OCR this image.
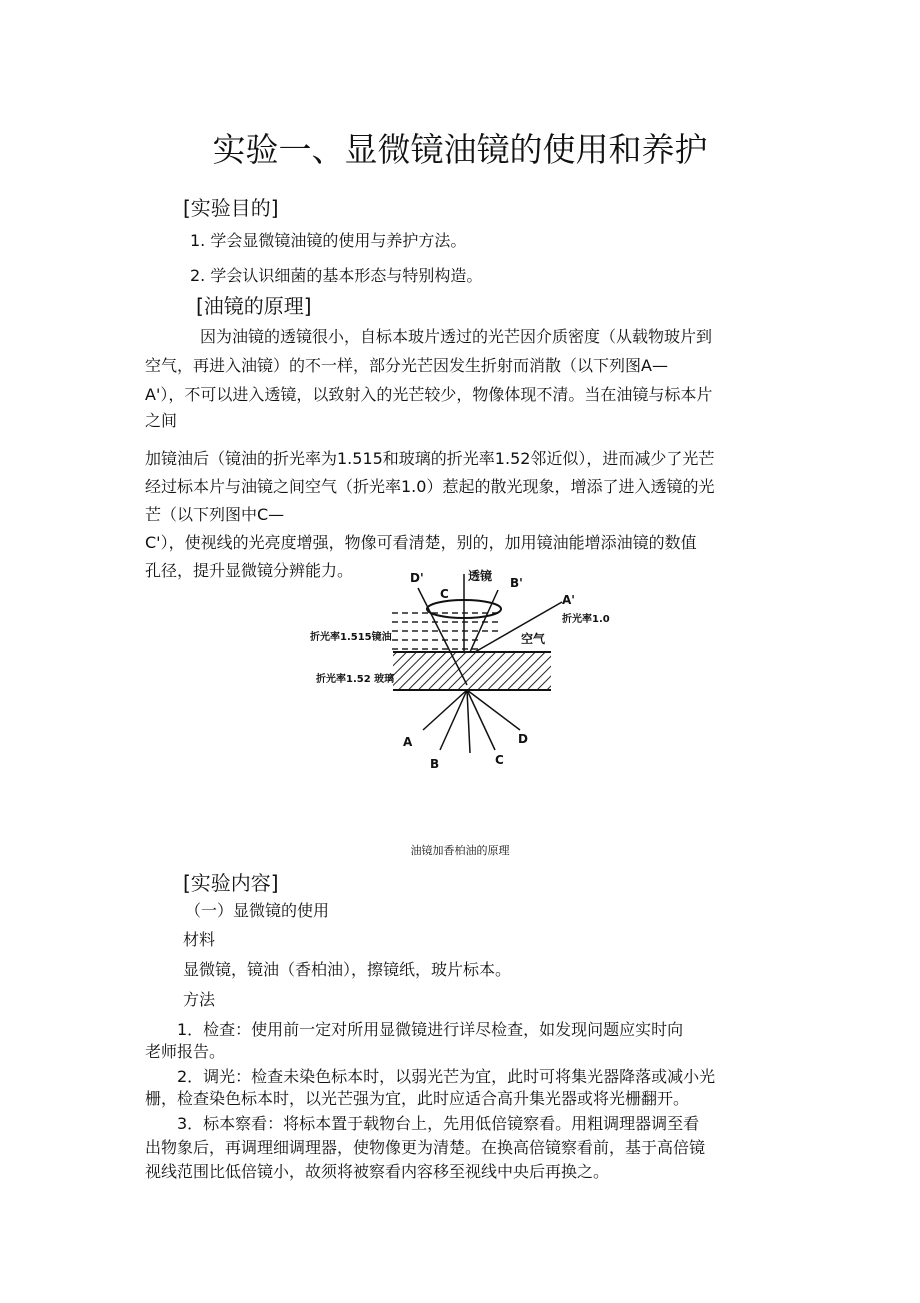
实验一、显微镜油镜的使用和养护
[实验目的]
1. 学会显微镜油镜的使用与养护方法。
2. 学会认识细菌的基本形态与特别构造。
[油镜的原理]
因为油镜的透镜很小，自标本玻片透过的光芒因介质密度（从载物玻片到
空气，再进入油镜）的不一样，部分光芒因发生折射而消散（以下列图A—
A'），不可以进入透镜，以致射入的光芒较少，物像体现不清。当在油镜与标本片
之间
加镜油后（镜油的折光率为1.515和玻璃的折光率1.52邻近似），进而减少了光芒
经过标本片与油镜之间空气（折光率1.0）惹起的散光现象，增添了进入透镜的光
芒（以下列图中C—
C'），使视线的光亮度增强，物像可看清楚，别的，加用镜油能增添油镜的数值
孔径，提升显微镜分辨能力。	D'	透镜 B'
A'
C
折光率1.0
空气
折光率1.515镜油
折光率1.52 玻璃
A
B	C
D
油镜加香柏油的原理
[实验内容]
（一）显微镜的使用
材料
显微镜，镜油（香柏油），擦镜纸，玻片标本。
方法
1．检查：使用前一定对所用显微镜进行详尽检查，如发现问题应实时向
老师报告。
2．调光：检查未染色标本时，以弱光芒为宜，此时可将集光器降落或减小光
栅，检查染色标本时，以光芒强为宜，此时应适合高升集光器或将光栅翻开。
3．标本察看：将标本置于载物台上，先用低倍镜察看。用粗调理器调至看
出物象后，再调理细调理器，使物像更为清楚。在换高倍镜察看前，基于高倍镜
视线范围比低倍镜小，故须将被察看内容移至视线中央后再换之。
